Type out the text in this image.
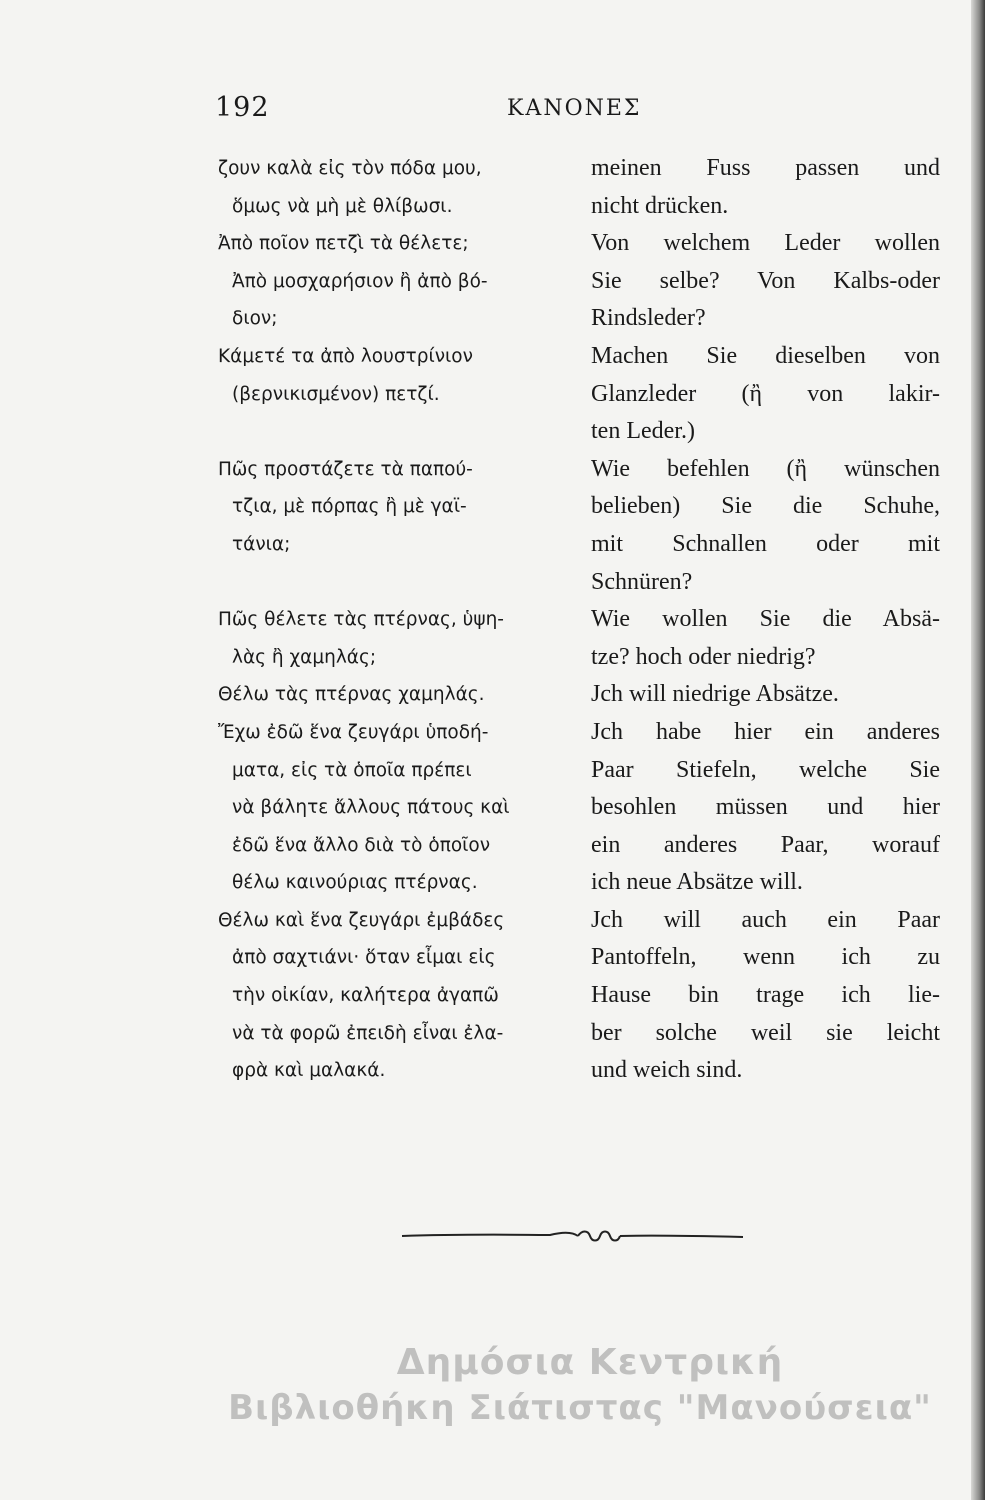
192	ΚΑΝΟΝΕΣ
ζουν καλὰ εἰς τὸν πόδα μου,
ὅμως νὰ μὴ μὲ θλίβωσι.
meinen Fuss passen und
nicht drücken.
Ἀπὸ ποῖον πετζὶ τὰ θέλετε;
Ἀπὸ μοσχαρήσιον ἢ ἀπὸ βό-
διον;
Von welchem Leder wollen
Sie selbe? Von Kalbs-oder
Rindsleder?
Κάμετέ τα ἀπὸ λουστρίνιον
(βερνικισμένον) πετζί.
Machen Sie dieselben von
Glanzleder (ἢ von lakir-
ten Leder.)
Πῶς προστάζετε τὰ παπού-
τζια, μὲ πόρπας ἢ μὲ γαϊ-
τάνια;
Wie befehlen (ἢ wünschen
belieben) Sie die Schuhe,
mit Schnallen oder mit
Schnüren?
Πῶς θέλετε τὰς πτέρνας, ὑψη-
λὰς ἢ χαμηλάς;
Wie wollen Sie die Absä-
tze? hoch oder niedrig?
Θέλω τὰς πτέρνας χαμηλάς.	Jch will niedrige Absätze.
Ἔχω ἐδῶ ἕνα ζευγάρι ὑποδή-
ματα, εἰς τὰ ὁποῖα πρέπει
νὰ βάλητε ἄλλους πάτους καὶ
ἐδῶ ἕνα ἄλλο διὰ τὸ ὁποῖον
θέλω καινούριας πτέρνας.
Jch habe hier ein anderes
Paar Stiefeln, welche Sie
besohlen müssen und hier
ein anderes Paar, worauf
ich neue Absätze will.
Θέλω καὶ ἕνα ζευγάρι ἐμβάδες
ἀπὸ σαχτιάνι· ὅταν εἶμαι εἰς
τὴν οἰκίαν, καλήτερα ἀγαπῶ
νὰ τὰ φορῶ ἐπειδὴ εἶναι ἐλα-
φρὰ καὶ μαλακά.
Jch will auch ein Paar
Pantoffeln, wenn ich zu
Hause bin trage ich lie-
ber solche weil sie leicht
und weich sind.
Δημόσια Κεντρική
Βιβλιοθήκη Σιάτιστας "Μανούσεια"
